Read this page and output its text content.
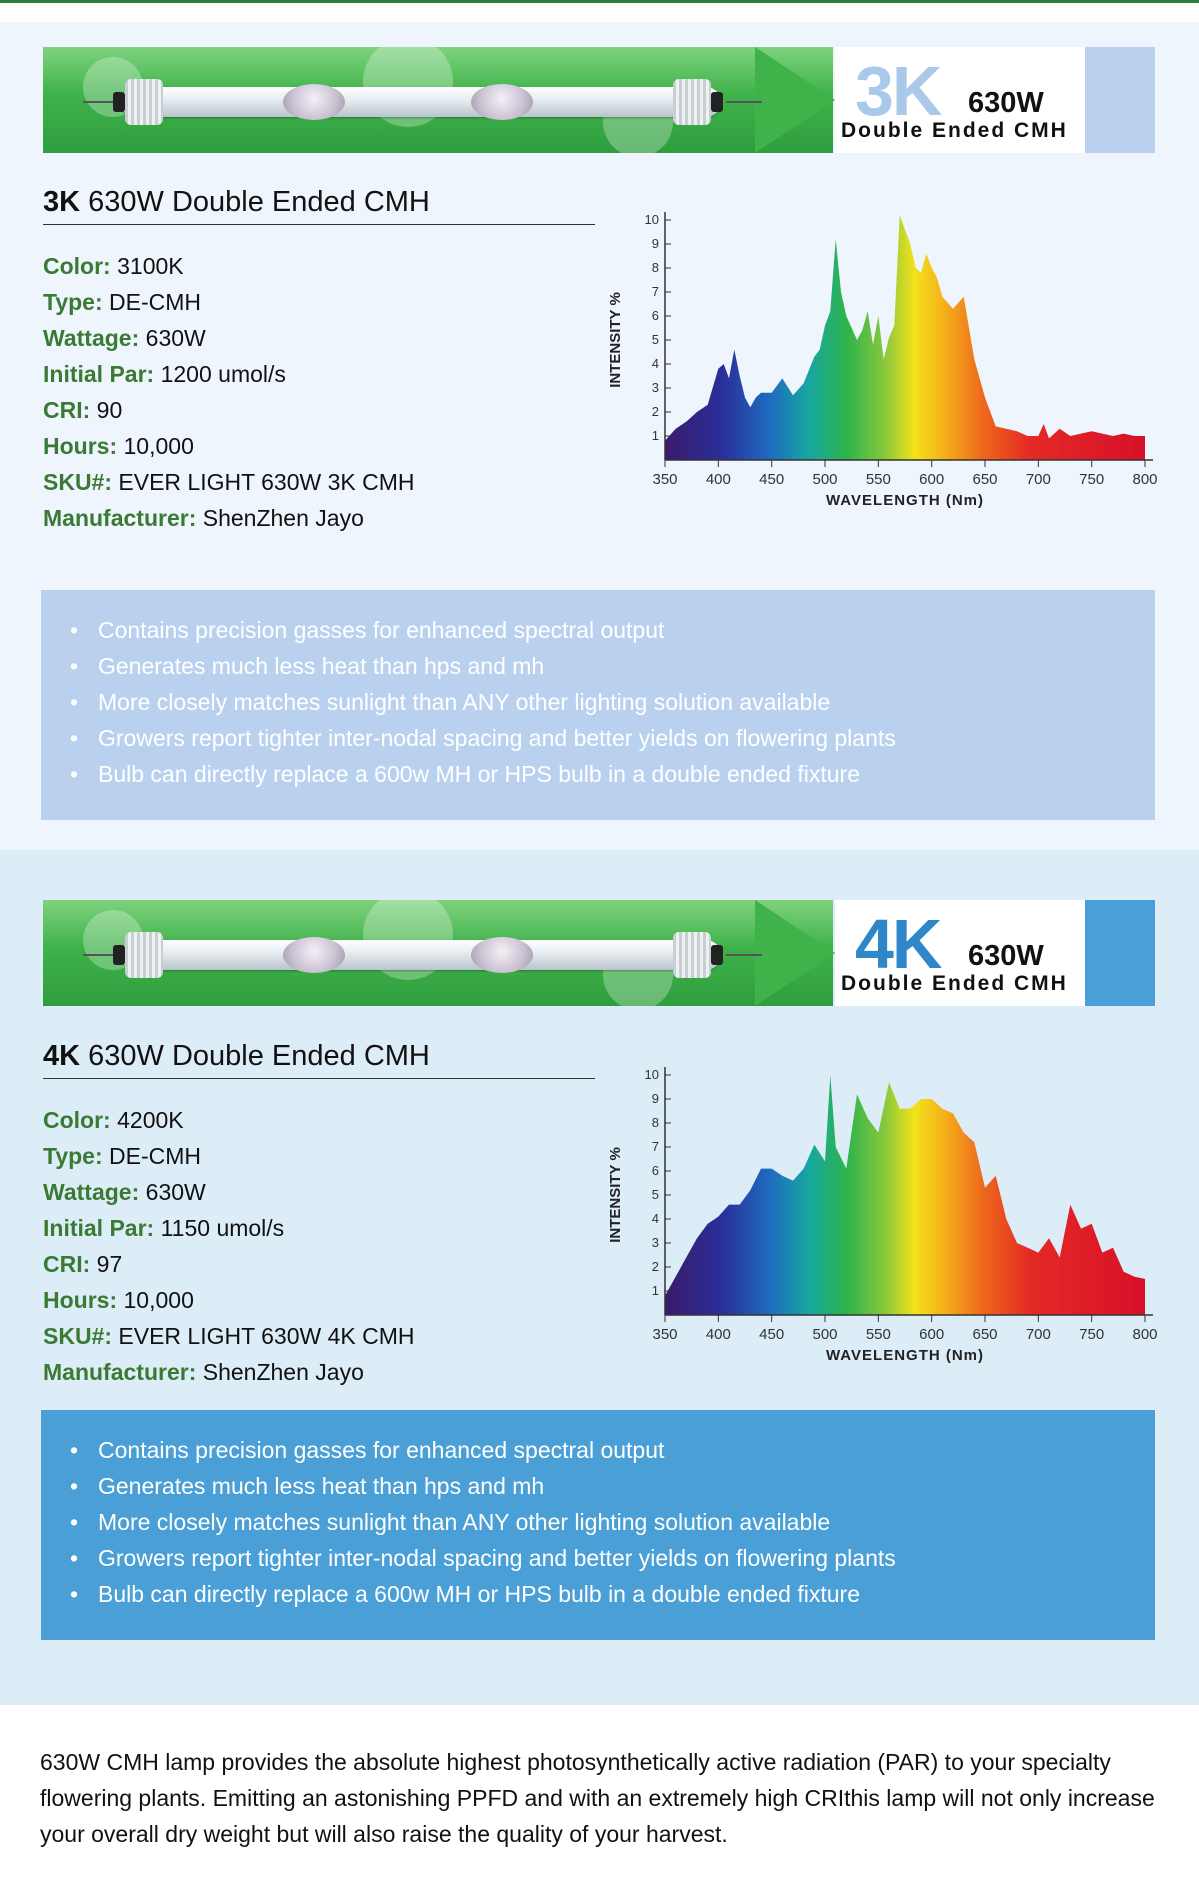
3K 630W
Double Ended CMH
3K 630W Double Ended CMH
Color: 3100K
Type: DE-CMH
Wattage: 630W
Initial Par: 1200 umol/s
CRI: 90
Hours: 10,000
SKU#: EVER LIGHT 630W 3K CMH
Manufacturer: ShenZhen Jayo
1
2
3
4
5
6
7
8
9
10
350 400 450 500 550 600 650 700 750 800
WAVELENGTH (Nm)
INTENSITY %
• Contains precision gasses for enhanced spectral output
• Generates much less heat than hps and mh
• More closely matches sunlight than ANY other lighting solution available
• Growers report tighter inter-nodal spacing and better yields on flowering plants
• Bulb can directly replace a 600w MH or HPS bulb in a double ended fixture
4K 630W
Double Ended CMH
4K 630W Double Ended CMH
Color: 4200K
Type: DE-CMH
Wattage: 630W
Initial Par: 1150 umol/s
CRI: 97
Hours: 10,000
SKU#: EVER LIGHT 630W 4K CMH
Manufacturer: ShenZhen Jayo
1
2
3
4
5
6
7
8
9
10
350 400 450 500 550 600 650 700 750 800
WAVELENGTH (Nm)
INTENSITY %
• Contains precision gasses for enhanced spectral output
• Generates much less heat than hps and mh
• More closely matches sunlight than ANY other lighting solution available
• Growers report tighter inter-nodal spacing and better yields on flowering plants
• Bulb can directly replace a 600w MH or HPS bulb in a double ended fixture
630W CMH lamp provides the absolute highest photosynthetically active radiation (PAR) to your specialty flowering plants. Emitting an astonishing PPFD and with an extremely high CRIthis lamp will not only increase your overall dry weight but will also raise the quality of your harvest.
